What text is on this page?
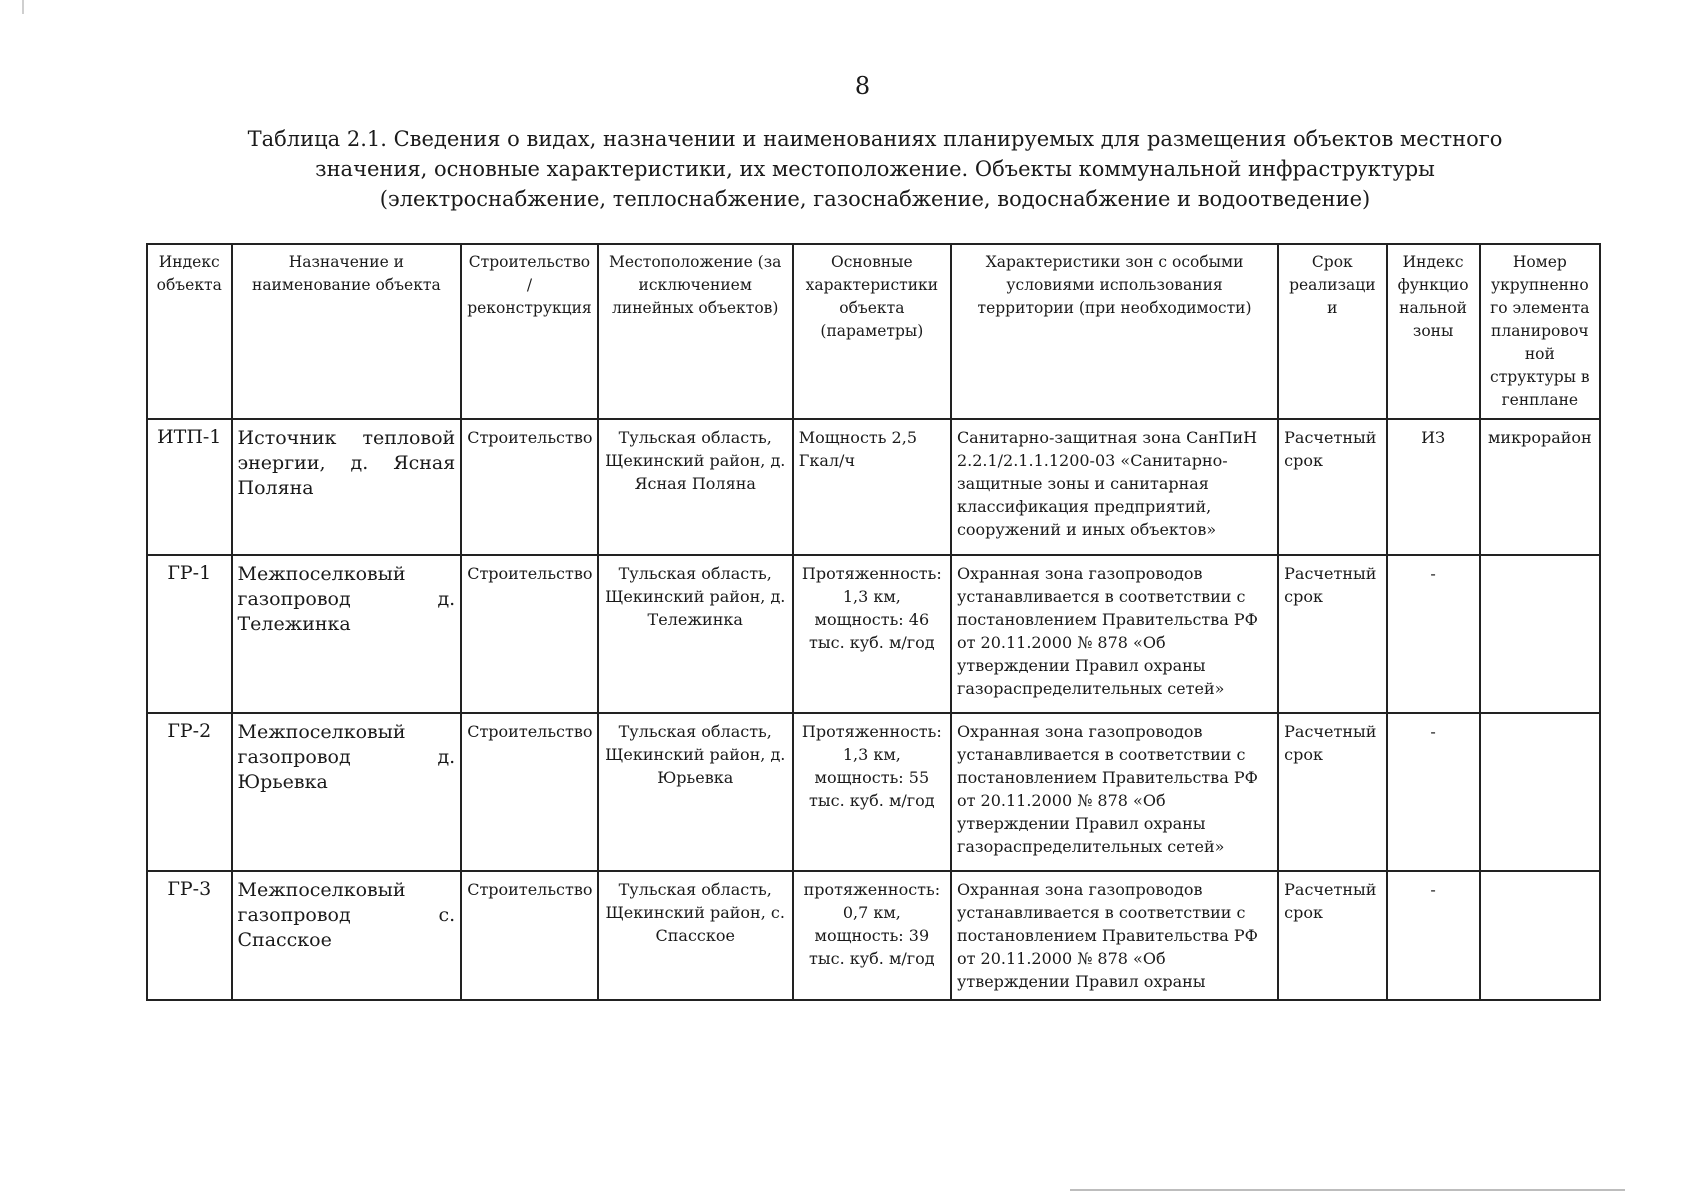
8
Таблица 2.1. Сведения о видах, назначении и наименованиях планируемых для размещения объектов местного значения, основные характеристики, их местоположение. Объекты коммунальной инфраструктуры (электроснабжение, теплоснабжение, газоснабжение, водоснабжение и водоотведение)
Индекс объекта	Назначение и наименование объекта	Строительство / реконструкция	Местоположение (за исключением линейных объектов)	Основные характеристики объекта (параметры)	Характеристики зон с особыми условиями использования территории (при необходимости)	Срок реализаци и	Индекс функцио нальной зоны	Номер укрупненно го элемента планировоч ной структуры в генплане
ИТП-1	Источник тепловой энергии, д. Ясная Поляна	Строительство	Тульская область, Щекинский район, д. Ясная Поляна	Мощность 2,5 Гкал/ч	Санитарно-защитная зона СанПиН 2.2.1/2.1.1.1200-03 «Санитарно-защитные зоны и санитарная классификация предприятий, сооружений и иных объектов»	Расчетный срок	ИЗ	микрорайон
ГР-1	Межпоселковый газопровод д. Тележинка	Строительство	Тульская область, Щекинский район, д. Тележинка	Протяженность: 1,3 км, мощность: 46 тыс. куб. м/год	Охранная зона газопроводов устанавливается в соответствии с постановлением Правительства РФ от 20.11.2000 № 878 «Об утверждении Правил охраны газораспределительных сетей»	Расчетный срок	-	
ГР-2	Межпоселковый газопровод д. Юрьевка	Строительство	Тульская область, Щекинский район, д. Юрьевка	Протяженность: 1,3 км, мощность: 55 тыс. куб. м/год	Охранная зона газопроводов устанавливается в соответствии с постановлением Правительства РФ от 20.11.2000 № 878 «Об утверждении Правил охраны газораспределительных сетей»	Расчетный срок	-	
ГР-3	Межпоселковый газопровод с. Спасское	Строительство	Тульская область, Щекинский район, с. Спасское	протяженность: 0,7 км, мощность: 39 тыс. куб. м/год	Охранная зона газопроводов устанавливается в соответствии с постановлением Правительства РФ от 20.11.2000 № 878 «Об утверждении Правил охраны	Расчетный срок	-	
